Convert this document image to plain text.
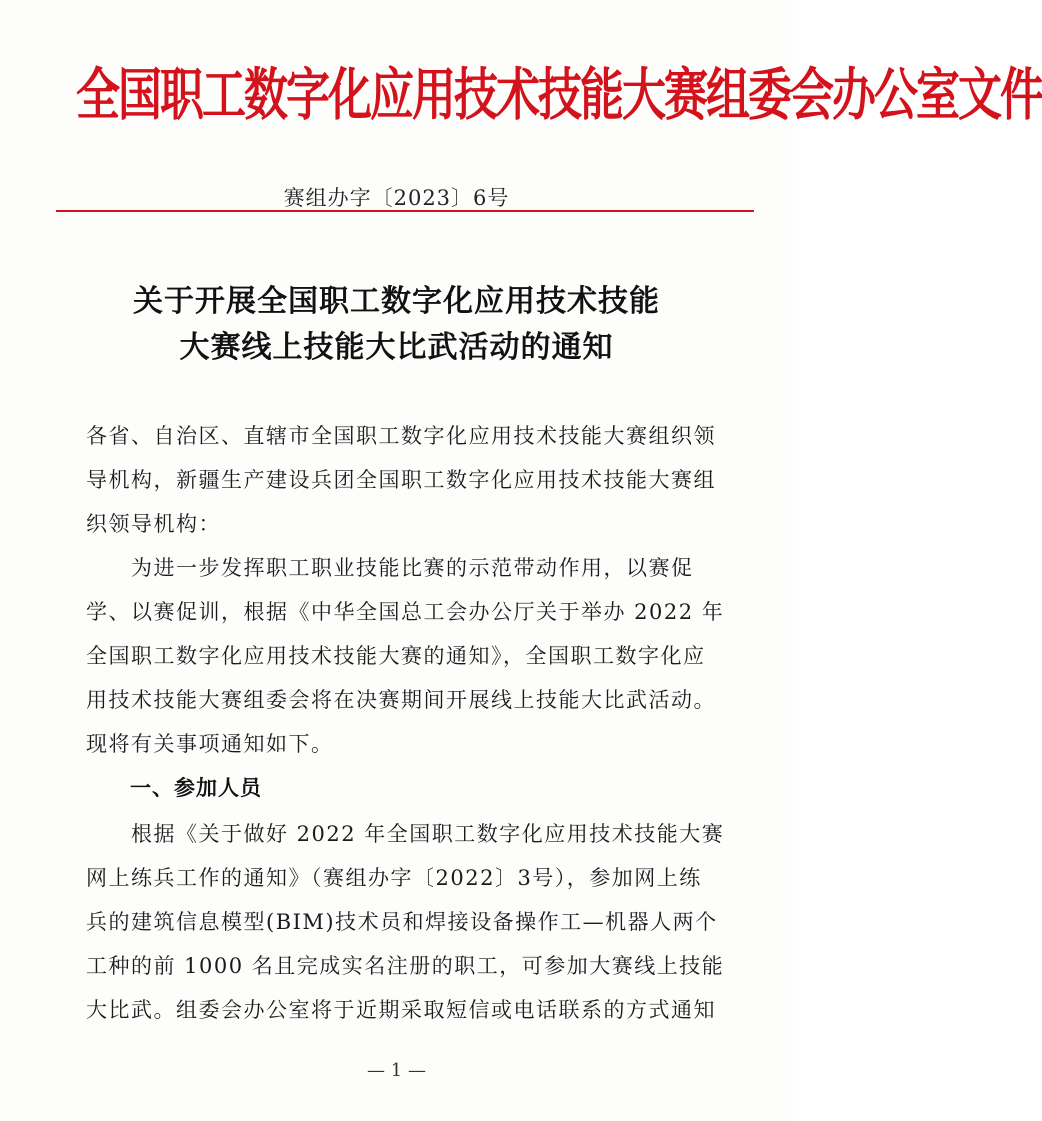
全国职工数字化应用技术技能大赛组委会办公室文件
赛组办字〔2023〕6号
关于开展全国职工数字化应用技术技能
大赛线上技能大比武活动的通知
各省、自治区、直辖市全国职工数字化应用技术技能大赛组织领
导机构，新疆生产建设兵团全国职工数字化应用技术技能大赛组
织领导机构：
　　为进一步发挥职工职业技能比赛的示范带动作用，以赛促
学、以赛促训，根据《中华全国总工会办公厅关于举办 2022 年
全国职工数字化应用技术技能大赛的通知》，全国职工数字化应
用技术技能大赛组委会将在决赛期间开展线上技能大比武活动。
现将有关事项通知如下。
一、参加人员
　　根据《关于做好 2022 年全国职工数字化应用技术技能大赛
网上练兵工作的通知》（赛组办字〔2022〕3号），参加网上练
兵的建筑信息模型(BIM)技术员和焊接设备操作工—机器人两个
工种的前 1000 名且完成实名注册的职工，可参加大赛线上技能
大比武。组委会办公室将于近期采取短信或电话联系的方式通知
— 1 —
